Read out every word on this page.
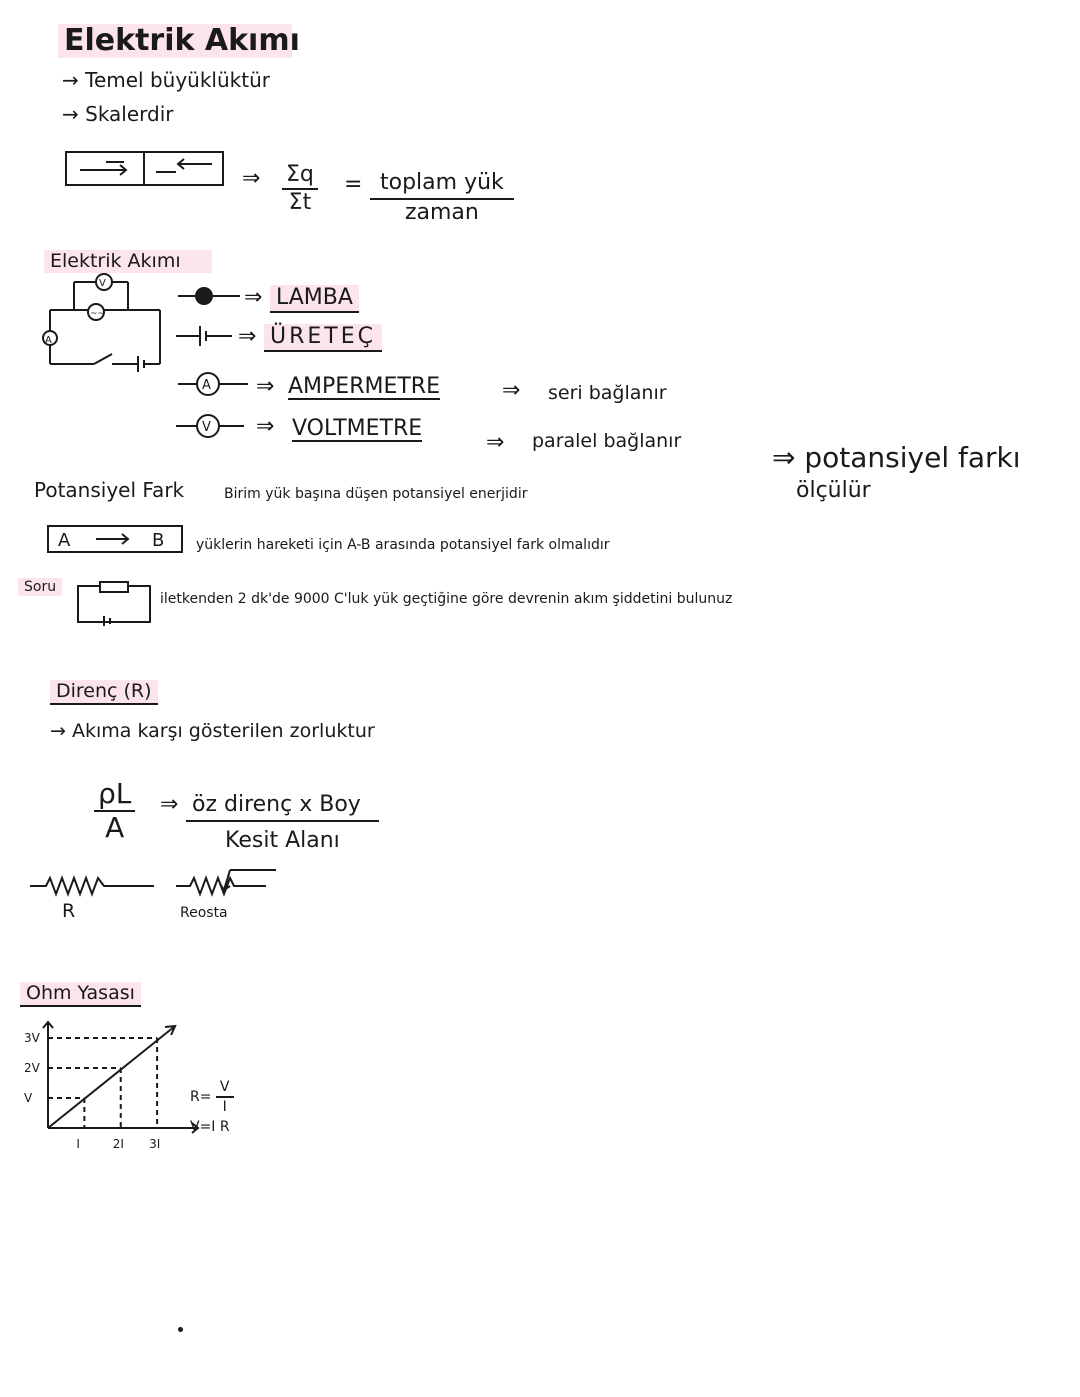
Elektrik Akımı
→ Temel büyüklüktür
→ Skalerdir
⇒ $\frac{\Sigma q}{\Sigma t}$ = toplam yük
zaman
Elektrik Akımı
A
V
~~
⇒ LAMBA
⇒ ÜRETEÇ
A ⇒ AMPERMETRE	⇒ seri bağlanır
V ⇒ VOLTMETRE
⇒ paralel bağlanır	⇒ potansiyel farkı
ölçülür
Potansiyel Fark	Birim yük başına düşen potansiyel enerjidir
A	B yüklerin hareketi için A-B arasında potansiyel fark olmalıdır
Soru
iletkenden 2 dk'de 9000 C'luk yük geçtiğine göre devrenin akım şiddetini bulunuz
Direnç (R)
→ Akıma karşı gösterilen zorluktur
$\frac{\rho L}{A}$ ⇒ öz direnç x Boy
Kesit Alanı
R	Reosta
Ohm Yasası
I
V
2I
2V
3I
3V
$R= \frac{V}{I}$
V=I R
